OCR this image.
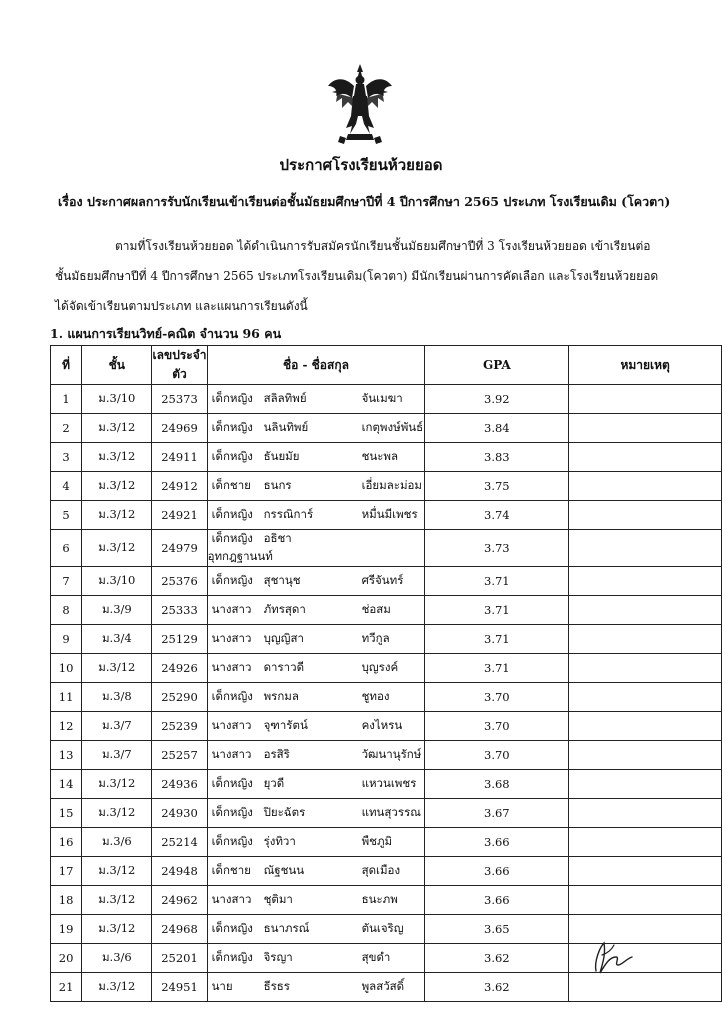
ประกาศโรงเรียนห้วยยอด
เรื่อง ประกาศผลการรับนักเรียนเข้าเรียนต่อชั้นมัธยมศึกษาปีที่ 4 ปีการศึกษา 2565 ประเภท โรงเรียนเดิม (โควตา)
ตามที่โรงเรียนห้วยยอด ได้ดำเนินการรับสมัครนักเรียนชั้นมัธยมศึกษาปีที่ 3 โรงเรียนห้วยยอด เข้าเรียนต่อ
ชั้นมัธยมศึกษาปีที่ 4 ปีการศึกษา 2565 ประเภทโรงเรียนเดิม(โควตา) มีนักเรียนผ่านการคัดเลือก และโรงเรียนห้วยยอด
ได้จัดเข้าเรียนตามประเภท และแผนการเรียนดังนี้
1. แผนการเรียนวิทย์-คณิต จำนวน 96 คน
ที่	ชั้น	เลขประจำตัว	ชื่อ - ชื่อสกุล	GPA	หมายเหตุ
1	ม.3/10	25373	เด็กหญิง สลิลทิพย์ จันเมฆา	3.92	
2	ม.3/12	24969	เด็กหญิง นลินทิพย์ เกตุพงษ์พันธ์	3.84	
3	ม.3/12	24911	เด็กหญิง ธันยมัย ชนะพล	3.83	
4	ม.3/12	24912	เด็กชาย ธนกร เอี่ยมละม่อม	3.75	
5	ม.3/12	24921	เด็กหญิง กรรณิการ์ หมื่นมีเพชร	3.74	
6	ม.3/12	24979	เด็กหญิง อธิชาอุทกฎฐานนท์	3.73	
7	ม.3/10	25376	เด็กหญิง สุชานุช ศรีจันทร์	3.71	
8	ม.3/9	25333	นางสาว ภัทรสุดา ช่อสม	3.71	
9	ม.3/4	25129	นางสาว บุญญิสา ทวีกูล	3.71	
10	ม.3/12	24926	นางสาว ดาราวดี บุญรงค์	3.71	
11	ม.3/8	25290	เด็กหญิง พรกมล ชูทอง	3.70	
12	ม.3/7	25239	นางสาว จุฑารัตน์ คงไหรน	3.70	
13	ม.3/7	25257	นางสาว อรสิริ วัฒนานุรักษ์	3.70	
14	ม.3/12	24936	เด็กหญิง ยุวดี แหวนเพชร	3.68	
15	ม.3/12	24930	เด็กหญิง ปิยะฉัตร แทนสุวรรณ	3.67	
16	ม.3/6	25214	เด็กหญิง รุ่งทิวา พืชภูมิ	3.66	
17	ม.3/12	24948	เด็กชาย ณัฐชนน สุดเมือง	3.66	
18	ม.3/12	24962	นางสาว ชุติมา ธนะภพ	3.66	
19	ม.3/12	24968	เด็กหญิง ธนาภรณ์ ตันเจริญ	3.65	
20	ม.3/6	25201	เด็กหญิง จิรญา สุขดำ	3.62	
21	ม.3/12	24951	นาย ธีรธร พูลสวัสดิ์	3.62	
